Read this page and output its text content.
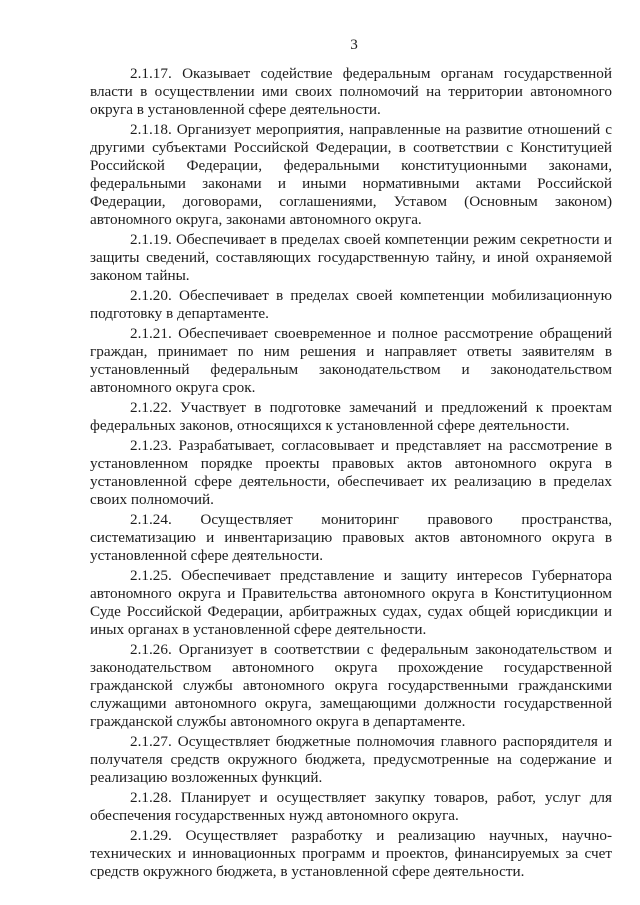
3

2.1.17. Оказывает содействие федеральным органам государственной власти в осуществлении ими своих полномочий на территории автономного округа в установленной сфере деятельности.

2.1.18. Организует мероприятия, направленные на развитие отношений с другими субъектами Российской Федерации, в соответствии с Конституцией Российской Федерации, федеральными конституционными законами, федеральными законами и иными нормативными актами Российской Федерации, договорами, соглашениями, Уставом (Основным законом) автономного округа, законами автономного округа.

2.1.19. Обеспечивает в пределах своей компетенции режим секретности и защиты сведений, составляющих государственную тайну, и иной охраняемой законом тайны.

2.1.20. Обеспечивает в пределах своей компетенции мобилизационную подготовку в департаменте.

2.1.21. Обеспечивает своевременное и полное рассмотрение обращений граждан, принимает по ним решения и направляет ответы заявителям в установленный федеральным законодательством и законодательством автономного округа срок.

2.1.22. Участвует в подготовке замечаний и предложений к проектам федеральных законов, относящихся к установленной сфере деятельности.

2.1.23. Разрабатывает, согласовывает и представляет на рассмотрение в установленном порядке проекты правовых актов автономного округа в установленной сфере деятельности, обеспечивает их реализацию в пределах своих полномочий.

2.1.24. Осуществляет мониторинг правового пространства, систематизацию и инвентаризацию правовых актов автономного округа в установленной сфере деятельности.

2.1.25. Обеспечивает представление и защиту интересов Губернатора автономного округа и Правительства автономного округа в Конституционном Суде Российской Федерации, арбитражных судах, судах общей юрисдикции и иных органах в установленной сфере деятельности.

2.1.26. Организует в соответствии с федеральным законодательством и законодательством автономного округа прохождение государственной гражданской службы автономного округа государственными гражданскими служащими автономного округа, замещающими должности государственной гражданской службы автономного округа в департаменте.

2.1.27. Осуществляет бюджетные полномочия главного распорядителя и получателя средств окружного бюджета, предусмотренные на содержание и реализацию возложенных функций.

2.1.28. Планирует и осуществляет закупку товаров, работ, услуг для обеспечения государственных нужд автономного округа.

2.1.29. Осуществляет разработку и реализацию научных, научно-технических и инновационных программ и проектов, финансируемых за счет средств окружного бюджета, в установленной сфере деятельности.
